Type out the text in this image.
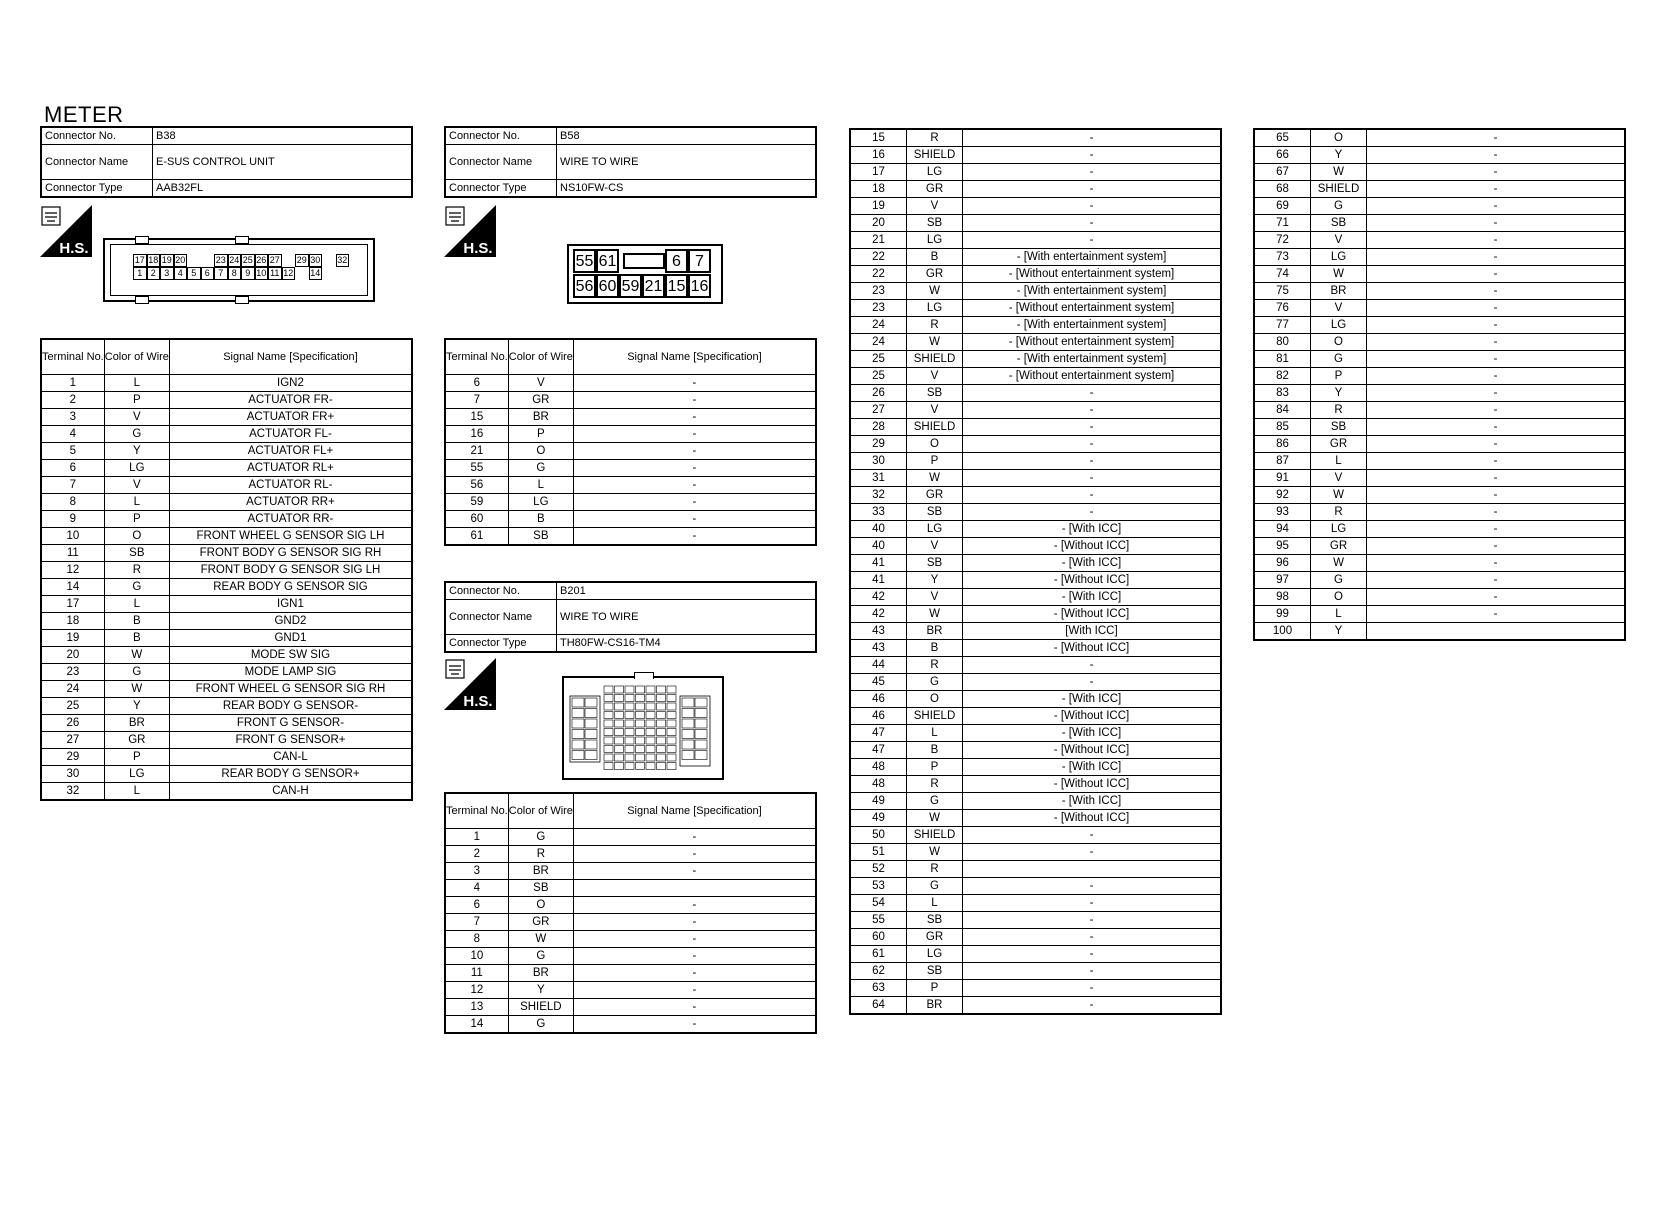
METER
Connector No.	B38
Connector Name	E-SUS CONTROL UNIT
Connector Type	AAB32FL
Connector No.	B58
Connector Name	WIRE TO WIRE
Connector Type	NS10FW-CS
Connector No.	B201
Connector Name	WIRE TO WIRE
Connector Type	TH80FW-CS16-TM4
H.S.	H.S.
H.S.
17 18 19 20	23 24 25 26 27 29 30 32
1 2 3 4 5 6 7 8 9 10 11 12 14
55 61	6 7
56 60 59 21 15 16
Terminal No.	Color of Wire	Signal Name [Specification]
1	L	IGN2
2	P	ACTUATOR FR-
3	V	ACTUATOR FR+
4	G	ACTUATOR FL-
5	Y	ACTUATOR FL+
6	LG	ACTUATOR RL+
7	V	ACTUATOR RL-
8	L	ACTUATOR RR+
9	P	ACTUATOR RR-
10	O	FRONT WHEEL G SENSOR SIG LH
11	SB	FRONT BODY G SENSOR SIG RH
12	R	FRONT BODY G SENSOR SIG LH
14	G	REAR BODY G SENSOR SIG
17	L	IGN1
18	B	GND2
19	B	GND1
20	W	MODE SW SIG
23	G	MODE LAMP SIG
24	W	FRONT WHEEL G SENSOR SIG RH
25	Y	REAR BODY G SENSOR-
26	BR	FRONT G SENSOR-
27	GR	FRONT G SENSOR+
29	P	CAN-L
30	LG	REAR BODY G SENSOR+
32	L	CAN-H
Terminal No.	Color of Wire	Signal Name [Specification]
6	V	-
7	GR	-
15	BR	-
16	P	-
21	O	-
55	G	-
56	L	-
59	LG	-
60	B	-
61	SB	-
Terminal No.	Color of Wire	Signal Name [Specification]
1	G	-
2	R	-
3	BR	-
4	SB	
6	O	-
7	GR	-
8	W	-
10	G	-
11	BR	-
12	Y	-
13	SHIELD	-
14	G	-
15	R	-
16	SHIELD	-
17	LG	-
18	GR	-
19	V	-
20	SB	-
21	LG	-
22	B	- [With entertainment system]
22	GR	- [Without entertainment system]
23	W	- [With entertainment system]
23	LG	- [Without entertainment system]
24	R	- [With entertainment system]
24	W	- [Without entertainment system]
25	SHIELD	- [With entertainment system]
25	V	- [Without entertainment system]
26	SB	-
27	V	-
28	SHIELD	-
29	O	-
30	P	-
31	W	-
32	GR	-
33	SB	-
40	LG	- [With ICC]
40	V	- [Without ICC]
41	SB	- [With ICC]
41	Y	- [Without ICC]
42	V	- [With ICC]
42	W	- [Without ICC]
43	BR	[With ICC]
43	B	- [Without ICC]
44	R	-
45	G	-
46	O	- [With ICC]
46	SHIELD	- [Without ICC]
47	L	- [With ICC]
47	B	- [Without ICC]
48	P	- [With ICC]
48	R	- [Without ICC]
49	G	- [With ICC]
49	W	- [Without ICC]
50	SHIELD	-
51	W	-
52	R	
53	G	-
54	L	-
55	SB	-
60	GR	-
61	LG	-
62	SB	-
63	P	-
64	BR	-
65	O	-
66	Y	-
67	W	-
68	SHIELD	-
69	G	-
71	SB	-
72	V	-
73	LG	-
74	W	-
75	BR	-
76	V	-
77	LG	-
80	O	-
81	G	-
82	P	-
83	Y	-
84	R	-
85	SB	-
86	GR	-
87	L	-
91	V	-
92	W	-
93	R	-
94	LG	-
95	GR	-
96	W	-
97	G	-
98	O	-
99	L	-
100	Y	
